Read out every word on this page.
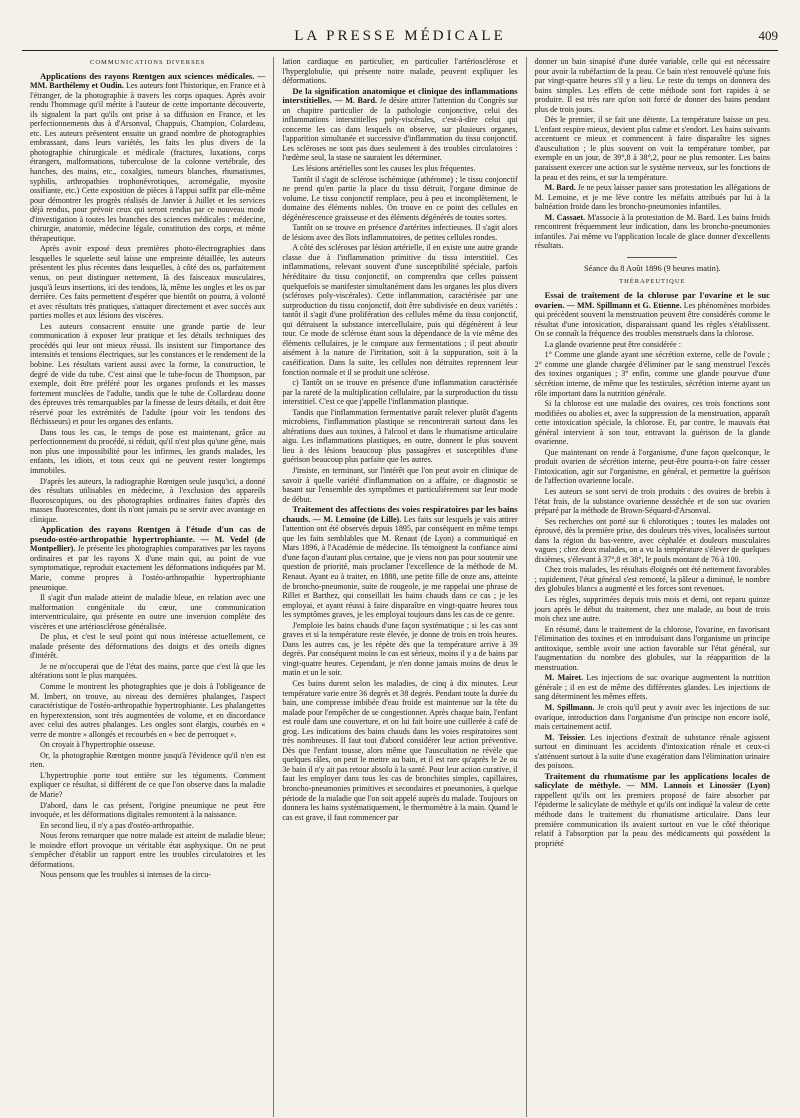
LA PRESSE MÉDICALE	409
COMMUNICATIONS DIVERSES

Applications des rayons Rœntgen aux sciences médicales. — MM. Barthélemy et Oudin. Les auteurs font l'historique, en France et à l'étranger, de la photographie à travers les corps opaques. Après avoir rendu l'hommage qu'il mérite à l'auteur de cette importante découverte, ils signalent la part qu'ils ont prise à sa diffusion en France, et les perfectionnements dus à d'Arsonval, Chappuis, Champion, Colardeau, etc. Les auteurs présentent ensuite un grand nombre de photographies embrassant, dans leurs variétés, les faits les plus divers de la photographie chirurgicale et médicale (fractures, luxations, corps étrangers, malformations, tuberculose de la colonne vertébrale, des hanches, des mains, etc., coxalgies, tumeurs blanches, rhumatismes, syphilis, arthropathies trophonévrotiques, acromégalie, myosite ossifiante, etc.) Cette exposition de pièces à l'appui suffit par elle-même pour démontrer les progrès réalisés de Janvier à Juillet et les services déjà rendus, pour prévoir ceux qui seront rendus par ce nouveau mode d'investigation à toutes les branches des sciences médicales : médecine, chirurgie, anatomie, médecine légale, constitution des corps, et même thérapeutique.

Après avoir exposé deux premières photo-électrographies dans lesquelles le squelette seul laisse une empreinte détaillée, les auteurs présentent les plus récentes dans lesquelles, à côté des os, parfaitement venus, on peut distinguer nettement, là des faisceaux musculaires, jusqu'à leurs insertions, ici des tendons, là, même les ongles et les os par derrière. Ces faits permettent d'espérer que bientôt on pourra, à volonté et avec résultats très pratiques, s'attaquer directement et avec succès aux parties molles et aux lésions des viscères.

Les auteurs consacrent ensuite une grande partie de leur communication à exposer leur pratique et les détails techniques des procédés qui leur ont mieux réussi. Ils insistent sur l'importance des intensités et tensions électriques, sur les constances et le rendement de la bobine. Les résultats varient aussi avec la forme, la construction, le degré de vide du tube. C'est ainsi que le tube-focus de Thompson, par exemple, doit être préféré pour les organes profonds et les masses fortement musclées de l'adulte, tandis que le tube de Collardeau donne des épreuves très remarquables par la finesse de leurs détails, et doit être réservé pour les extrémités de l'adulte (pour voir les tendons des fléchisseurs) et pour les organes des enfants.

Dans tous les cas, le temps de pose est maintenant, grâce au perfectionnement du procédé, si réduit, qu'il n'est plus qu'une gêne, mais non plus une impossibilité pour les infirmes, les grands malades, les enfants, les idiots, et tous ceux qui ne peuvent rester longtemps immobiles.

D'après les auteurs, la radiographie Rœntgen seule jusqu'ici, a donné des résultats utilisables en médecine, à l'exclusion des appareils fluoroscopiques, ou des photographies ordinaires faites d'après des masses fluorescentes, dont ils n'ont jamais pu se servir avec avantage en clinique.

Application des rayons Rœntgen à l'étude d'un cas de pseudo-ostéo-arthropathie hypertrophiante. — M. Vedel (de Montpellier). Je présente les photographies comparatives par les rayons ordinaires et par les rayons X d'une main qui, au point de vue symptomatique, reproduit exactement les déformations indiquées par M. Marie, comme propres à l'ostéo-arthropathie hypertrophiante pneumique.

Il s'agit d'un malade atteint de maladie bleue, en relation avec une malformation congénitale du cœur, une communication interventriculaire, qui présente en outre une inversion complète des viscères et une artériosclérose généralisée.

De plus, et c'est le seul point qui nous intéresse actuellement, ce malade présente des déformations des doigts et des orteils dignes d'intérêt.

Je ne m'occuperai que de l'état des mains, parce que c'est là que les altérations sont le plus marquées.

Comme le montrent les photographies que je dois à l'obligeance de M. Imbert, on trouve, au niveau des dernières phalanges, l'aspect caractéristique de l'ostéo-arthropathie hypertrophiante. Les phalangettes en hyperextension, sont très augmentées de volume, et en discordance avec celui des autres phalanges. Les ongles sont élargis, courbés en « verre de montre » allongés et recourbés en « bec de perroquet ».

On croyait à l'hypertrophie osseuse.

Or, la photographie Rœntgen montre jusqu'à l'évidence qu'il n'en est rien.

L'hypertrophie porte tout entière sur les téguments. Comment expliquer ce résultat, si différent de ce que l'on observe dans la maladie de Marie?

D'abord, dans le cas présent, l'origine pneumique ne peut être invoquée, et les déformations digitales remontent à la naissance.

En second lieu, il n'y a pas d'ostéo-arthropathie.

Nous ferons remarquer que notre malade est atteint de maladie bleue; le moindre effort provoque un véritable état asphyxique. On ne peut s'empêcher d'établir un rapport entre les troubles circulatoires et les déformations.

Nous pensons que les troubles si intenses de la circu-

lation cardiaque en particulier, en particulier l'artériosclérose et l'hyperglobulie, qui présente notre malade, peuvent expliquer les déformations.

De la signification anatomique et clinique des inflammations interstitielles. — M. Bard. Je désire attirer l'attention du Congrès sur un chapitre particulier de la pathologie conjonctive, celui des inflammations interstitielles poly-viscérales, c'est-à-dire celui qui concerne les cas dans lesquels on observe, sur plusieurs organes, l'apparition simultanée et successive d'inflammation du tissu conjonctif. Les scléroses ne sont pas dues seulement à des troubles circulatoires : l'œdème seul, la stase ne sauraient les déterminer.

Les lésions artérielles sont les causes les plus fréquentes.

Tantôt il s'agit de sclérose ischémique (athérome) ; le tissu conjonctif ne prend qu'en partie la place du tissu détruit, l'organe diminue de volume. Le tissu conjonctif remplace, peu à peu et incomplètement, le domaine des éléments nobles. On trouve en ce point des cellules en dégénérescence graisseuse et des éléments dégénérés de toutes sortes.

Tantôt on se trouve en présence d'artérites infectieuses. Il s'agit alors de lésions avec des îlots inflammatoires, de petites cellules rondes.

A côté des scléroses par lésion artérielle, il en existe une autre grande classe due à l'inflammation primitive du tissu interstitiel. Ces inflammations, relevant souvent d'une susceptibilité spéciale, parfois héréditaire du tissu conjonctif, on comprendra que celles puissent quelquefois se manifester simultanément dans les organes les plus divers (scléroses poly-viscérales). Cette inflammation, caractérisée par une surproduction du tissu conjonctif, doit être subdivisée en deux variétés : tantôt il s'agit d'une prolifération des cellules même du tissu conjonctif, qui détruisent la substance intercellulaire, puis qui dégénèrent à leur tour. Ce mode de sclérose étant sous la dépendance de la vie même des éléments cellulaires, je le compare aux fermentations ; il peut aboutir aisément à la nature de l'irritation, soit à la suppuration, soit à la caséification. Dans la suite, les cellules non détruites reprennent leur fonction normale et il se produit une sclérose.

c) Tantôt on se trouve en présence d'une inflammation caractérisée par la rareté de la multiplication cellulaire, par la surproduction du tissu interstitiel. C'est ce que j'appelle l'inflammation plastique.

Tandis que l'inflammation fermentative paraît relever plutôt d'agents microbiens, l'inflammation plastique se rencontrerait surtout dans les altérations dues aux toxines, à l'alcool et dans le rhumatisme articulaire aigu. Les inflammations plastiques, en outre, donnent le plus souvent lieu à des lésions beaucoup plus passagères et susceptibles d'une guérison beaucoup plus parfaite que les autres.

J'insiste, en terminant, sur l'intérêt que l'on peut avoir en clinique de savoir à quelle variété d'inflammation on a affaire, ce diagnostic se basant sur l'ensemble des symptômes et particulièrement sur leur mode de début.

Traitement des affections des voies respiratoires par les bains chauds. — M. Lemoine (de Lille). Les faits sur lesquels je vais attirer l'attention ont été observés depuis 1895, par conséquent en même temps que les faits semblables que M. Renaut (de Lyon) a communiqué en Mars 1896, à l'Académie de médecine. Ils témoignent la confiance ainsi d'une façon d'autant plus certaine, que je viens non pas pour soutenir une question de priorité, mais proclamer l'excellence de la méthode de M. Renaut. Ayant eu à traiter, en 1888, une petite fille de onze ans, atteinte de broncho-pneumonie, suite de rougeole, je me rappelai une phrase de Rillet et Barthez, qui conseillait les bains chauds dans ce cas ; je les employai, et ayant réussi à faire disparaître en vingt-quatre heures tous les symptômes graves, je les employai toujours dans les cas de ce genre.

J'emploie les bains chauds d'une façon systématique ; si les cas sont graves et si la température reste élevée, je donne de trois en trois heures. Dans les autres cas, je les répète dès que la température arrive à 39 degrés. Par conséquent moins le cas est sérieux, moins il y a de bains par vingt-quatre heures. Cependant, je n'en donne jamais moins de deux le matin et un le soir.

Ces bains durent selon les maladies, de cinq à dix minutes. Leur température varie entre 36 degrés et 38 degrés. Pendant toute la durée du bain, une compresse imbibée d'eau froide est maintenue sur la tête du malade pour l'empêcher de se congestionner. Après chaque bain, l'enfant est roulé dans une couverture, et on lui fait boire une cuillerée à café de grog. Les indications des bains chauds dans les voies respiratoires sont très nombreuses. Il faut tout d'abord considérer leur action préventive. Dès que l'enfant tousse, alors même que l'auscultation ne révèle que quelques râles, on peut le mettre au bain, et il est rare qu'après le 2e ou 3e bain il n'y ait pas retour absolu à la santé. Pour leur action curative, il faut les employer dans tous les cas de bronchites simples, capillaires, broncho-pneumonies primitives et secondaires et pneumonies, à quelque période de la maladie que l'on soit appelé auprès du malade. Toujours on donnera les bains systématiquement, le thermomètre à la main. Quand le cas est grave, il faut commencer par

donner un bain sinapisé d'une durée variable, celle qui est nécessaire pour avoir la rubéfaction de la peau. Ce bain n'est renouvelé qu'une fois par vingt-quatre heures s'il y a lieu. Le reste du temps on donnera des bains simples. Les effets de cette méthode sont fort rapides à se produire. Il est très rare qu'on soit forcé de donner des bains pendant plus de trois jours.

Dès le premier, il se fait une détente. La température baisse un peu. L'enfant respire mieux, devient plus calme et s'endort. Les bains suivants accentuent ce mieux et commencent à faire disparaître les signes d'auscultation ; le plus souvent on voit la température tomber, par exemple en un jour, de 39°,8 à 38°,2, pour ne plus remonter. Les bains paraissent exercer une action sur le système nerveux, sur les fonctions de la peau et des reins, et sur la température.

M. Bard. Je ne peux laisser passer sans protestation les allégations de M. Lemoine, et je me lève contre les méfaits attribués par lui à la balnéation froide dans les broncho-pneumonies infantiles.

M. Cassaet. M'associe à la protestation de M. Bard. Les bains froids rencontrent fréquemment leur indication, dans les broncho-pneumonies infantiles. J'ai même vu l'application locale de glace donner d'excellents résultats.

Séance du 8 Août 1896 (9 heures matin).
THÉRAPEUTIQUE

Essai de traitement de la chlorose par l'ovarine et le suc ovarien. — MM. Spillmann et G. Etienne. Les phénomènes morbides qui précèdent souvent la menstruation peuvent être considérés comme le résultat d'une intoxication, disparaissant quand les règles s'établissent. On se connaît la fréquence des troubles menstruels dans la chlorose.

La glande ovarienne peut être considérée :

1° Comme une glande ayant une sécrétion externe, celle de l'ovule ; 2° comme une glande chargée d'éliminer par le sang menstruel l'excès des toxines organiques ; 3° enfin, comme une glande pourvue d'une sécrétion interne, de même que les testicules, sécrétion interne ayant un rôle important dans la nutrition générale.

Si la chlorose est une maladie des ovaires, ces trois fonctions sont modifiées ou abolies et, avec la suppression de la menstruation, apparaît cette intoxication spéciale, la chlorose. Et, par contre, le mauvais état général intervient à son tour, entravant la guérison de la glande ovarienne.

Que maintenant on rende à l'organisme, d'une façon quelconque, le produit ovarien de sécrétion interne, peut-être pourra-t-on faire cesser l'intoxication, agir sur l'organisme, en général, et permettre la guérison de l'affection ovarienne locale.

Les auteurs se sont servi de trois produits : des ovaires de brebis à l'état frais, de la substance ovarienne desséchée et de son suc ovarien préparé par la méthode de Brown-Séquard-d'Arsonval.

Ses recherches ont porté sur 6 chlorotiques ; toutes les malades ont éprouvé, dès la première prise, des douleurs très vives, localisées surtout dans la région du bas-ventre, avec céphalée et douleurs musculaires vagues ; chez deux malades, on a vu la température s'élever de quelques dixièmes, s'élevant à 37°,8 et 38°, le pouls montant de 76 à 100.

Chez trois malades, les résultats éloignés ont été nettement favorables ; rapidement, l'état général s'est remonté, la pâleur a diminué, le nombre des globules blancs a augmenté et les forces sont revenues.

Les règles, supprimées depuis trois mois et demi, ont reparu quinze jours après le début du traitement, chez une malade, au bout de trois mois chez une autre.

En résumé, dans le traitement de la chlorose, l'ovarine, en favorisant l'élimination des toxines et en introduisant dans l'organisme un principe antitoxique, semble avoir une action favorable sur l'état général, sur l'augmentation du nombre des globules, sur la réapparition de la menstruation.

M. Mairet. Les injections de suc ovarique augmentent la nutrition générale ; il en est de même des différentes glandes. Les injections de sang déterminent les mêmes effets.

M. Spillmann. Je crois qu'il peut y avoir avec les injections de suc ovarique, introduction dans l'organisme d'un principe non encore isolé, mais certainement actif.

M. Teissier. Les injections d'extrait de substance rénale agissent surtout en diminuant les accidents d'intoxication rénale et ceux-ci s'atténuent surtout à la suite d'une exagération dans l'élimination urinaire des poisons.

Traitement du rhumatisme par les applications locales de salicylate de méthyle. — MM. Lannois et Linossier (Lyon) rappellent qu'ils ont les premiers proposé de faire absorber par l'épiderme le salicylate de méthyle et qu'ils ont indiqué la valeur de cette méthode dans le traitement du rhumatisme articulaire. Dans leur première communication ils avaient surtout en vue le côté théorique relatif à l'absorption par la peau des médicaments qui possèdent la propriété
